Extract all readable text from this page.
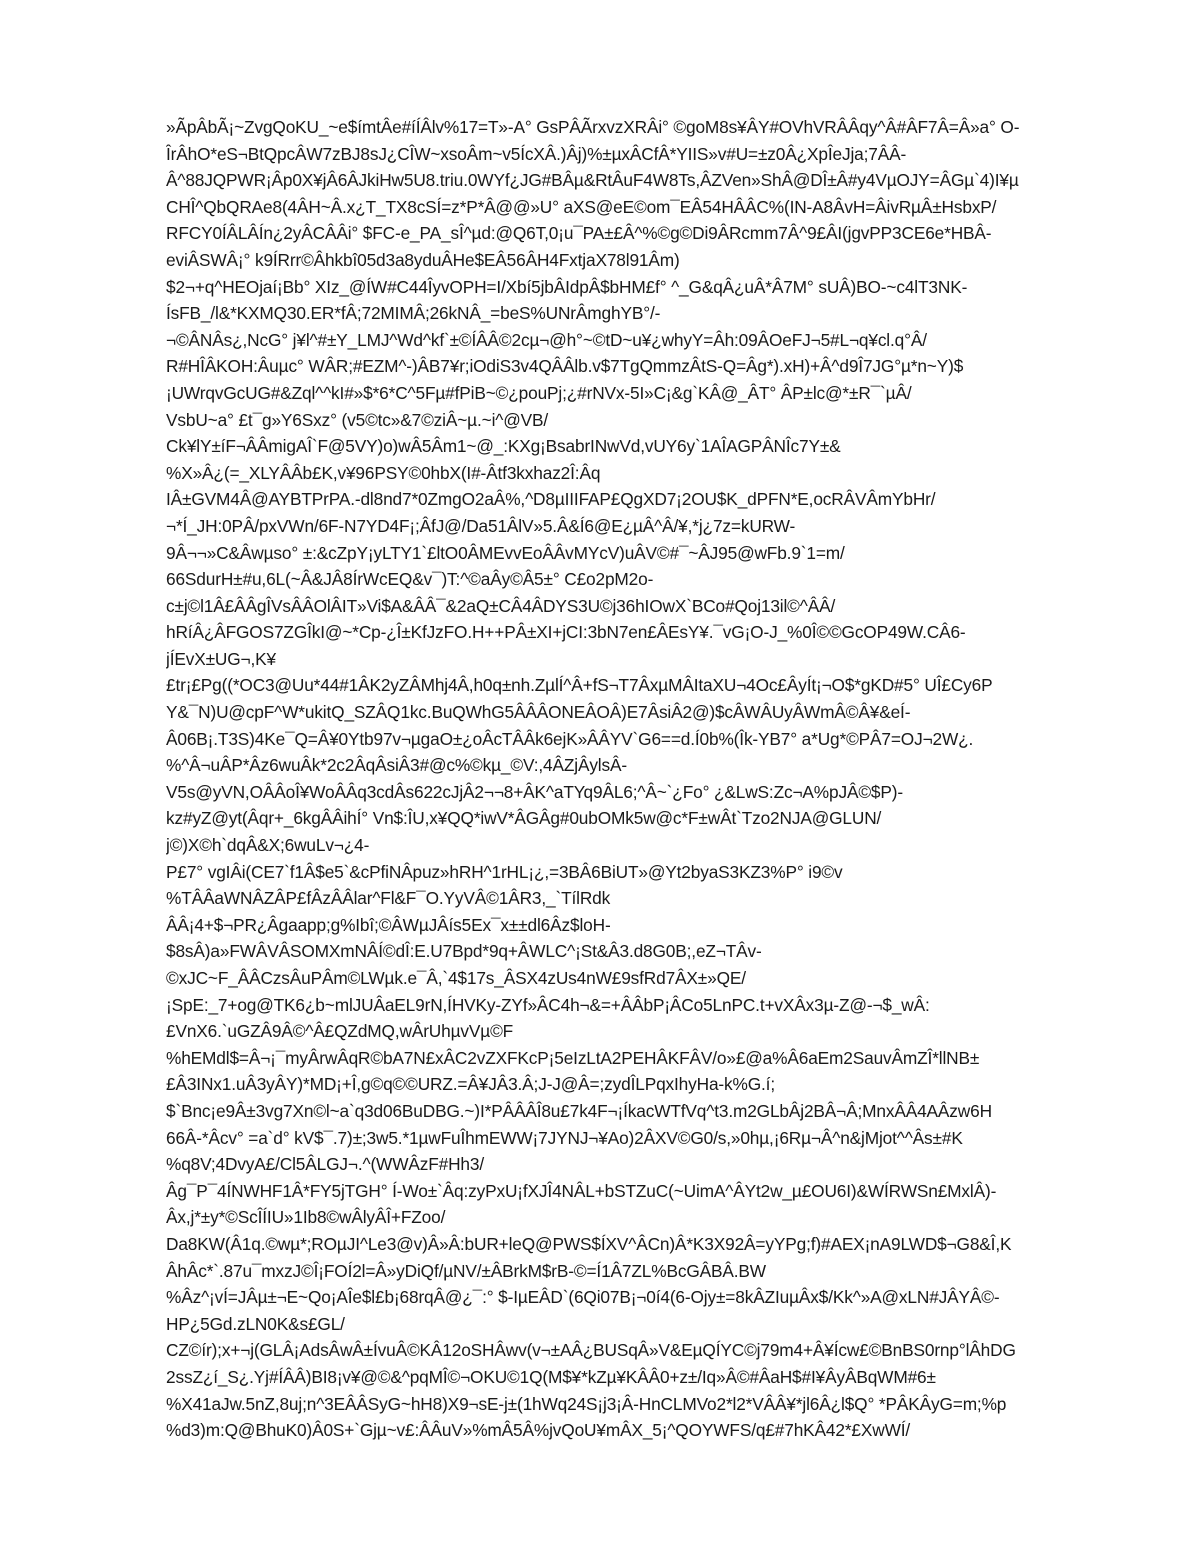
»ÃpÂbÃ¡~ZvgQoKU_~e$ímtÂe#íÍÂlv%17=T»-A° GsPÂÃrxvzXRÂi° ©goM8s¥ÂY#OVhVRÂÂqy^Â#ÂF7Â=Â»a° O-
ÎrÂhO*eS¬BtQpcÂW7zBJ8sJ¿CÎW~xsoÂm~v5ÍcXÂ.)Âj)%±µxÂCfÂ*YIIS»v#U=±z0Â¿XpÎeJja;7ÂÂ-
Â^88JQPWR¡Âp0X¥jÂ6ÂJkiHw5U8.triu.0WYf¿JG#BÂµ&RtÂuF4W8Ts,ÂZVen»ShÂ@DÎ±Â#y4VµOJY=ÂGµ`4)I¥µ
CHÎ^QbQRAe8(4ÂH~Â.x¿T_TX8cSÍ=z*P*Â@@»U° aXS@eE©om¯EÂ54HÂÂC%(IN-A8ÂvH=ÂivRµÂ±HsbxP/
RFCY0ÍÂLÂÍn¿2yÂCÂÂi° $FC-e_PA_sÎ^µd:@Q6T,0¡u¯PA±£Â^%©g©Di9ÂRcmm7Â^9£ÂI(jgvPP3CE6e*HBÂ-
eviÂSWÂ¡° k9ÍRrr©Âhkbî05d3a8yduÂHe$EÂ56ÂH4FxtjaX78l91Âm)
$2¬+q^HEOjaí¡Bb° XIz_@ÍW#C44ÎyvOPH=I/Xbí5jbÂIdpÂ$bHM£f° ^_G&qÂ¿uÂ*Â7M° sUÂ)BO-~c4lT3NK-
ÍsFB_/l&*KXMQ30.ER*fÂ;72MIMÂ;26kNÂ_=beS%UNrÂmghYB°/-
¬©ÂNÂs¿,NcG° j¥l^#±Y_LMJ^Wd^kf`±©ÍÂÂ©2cµ¬@h°~©tD~u¥¿whyY=Âh:09ÂOeFJ¬5#L¬q¥cl.q°Â/
R#HÎÂKOH:Âuµc° WÂR;#EZM^-)ÂB7¥r;iOdiS3v4QÂÂlb.v$7TgQmmzÂtS-Q=Âg*).xH)+Â^d9Î7JG°µ*n~Y)$
¡UWrqvGcUG#&Zql^^kI#»$*6*C^5Fµ#fPiB~©¿pouPj;¿#rNVx-5I»C¡&g`KÂ@_ÂT° ÂP±lc@*±R¯`µÂ/
VsbU~a° £t¯g»Y6Sxz° (v5©tc»&7©ziÂ~µ.~i^@VB/
Ck¥lY±íF¬ÂÂmigAÎ`F@5VY)o)wÂ5Âm1~@_:KXg¡BsabrINwVd,vUY6y`1AÎAGPÂNÎc7Y±&
%X»Â¿(=_XLYÂÂb£K,v¥96PSY©0hbX(I#-Âtf3kxhaz2Î:Âq
IÂ±GVM4Â@AYBTPrPA.-dl8nd7*0ZmgO2aÂ%,^D8µIIIFAP£QgXD7¡2OU$K_dPFN*E,ocRÂVÂmYbHr/
¬*Í_JH:0PÂ/pxVWn/6F-N7YD4F¡;ÂfJ@/Da51ÂlV»5.Â&Í6@E¿µÂ^Â/¥,*j¿7z=kURW-
9Â¬¬»C&Âwµso° ±:&cZpY¡yLTY1`£ltO0ÂMEvvEoÂÂvMYcV)uÂV©#¯~ÂJ95@wFb.9`1=m/
66SdurH±#u,6L(~Â&JÂ8ÍrWcEQ&v¯)T:^©aÂy©Â5±° C£o2pM2o-
c±j©l1Â£ÂÂgÎVsÂÂOlÂIT»Vi$A&ÂÂ¯&2aQ±CÂ4ÂDYS3U©j36hIOwX`BCo#Qoj13il©^ÂÂ/
hRíÂ¿ÂFGOS7ZGÎkI@~*Cp-¿Î±KfJzFO.H++PÂ±XI+jCI:3bN7en£ÂEsY¥.¯vG¡O-J_%0Î©©GcOP49W.CÂ6-
jÍEvX±UG¬,K¥
£tr¡£Pg((*OC3@Uu*44#1ÂK2yZÂMhj4Â,h0q±nh.ZµlÍ^Â+fS¬T7ÂxµMÂItaXU¬4Oc£ÂyÍt¡¬O$*gKD#5° UÎ£Cy6P
Y&¯N)U@cpF^W*ukitQ_SZÂQ1kc.BuQWhG5ÂÂÂONEÂOÂ)E7ÂsiÂ2@)$cÂWÂUyÂWmÂ©Â¥&eÍ-
Â06B¡.T3S)4Ke¯Q=Â¥0Ytb97v¬µgaO±¿oÂcTÂÂk6ejK»ÂÂYV`G6==d.Í0b%(Îk-YB7° a*Ug*©PÂ7=OJ¬2W¿.
%^Â¬uÂP*Âz6wuÂk*2c2ÂqÂsiÂ3#@c%©kµ_©V:,4ÂZjÂylsÂ-
V5s@yVN,OÂÂoÎ¥WoÂÂq3cdÂs622cJjÂ2¬¬8+ÂK^aTYq9ÂL6;^Â~`¿Fo° ¿&LwS:Zc¬A%pJÂ©$P)-
kz#yZ@yt(Âqr+_6kgÂÂihÍ° Vn$:ÎU,x¥QQ*iwV*ÂGÂg#0ubOMk5w@c*F±wÂt`Tzo2NJA@GLUN/
j©)X©h`dqÂ&X;6wuLv¬¿4-
P£7° vgIÂi(CE7`f1Â$e5`&cPfiNÂpuz»hRH^1rHL¡¿,=3BÂ6BiUT»@Yt2byaS3KZ3%P° i9©v
%TÂÂaWNÂZÂP£fÂzÂÂlar^Fl&F¯O.YyVÂ©1ÂR3,_`TílRdk
ÂÂ¡4+$¬PR¿Âgaapp;g%Ibî;©ÂWµJÂís5Ex¯x±±dl6Âz$loH-
$8sÂ)a»FWÂVÂSOMXmNÂÍ©dÎ:E.U7Bpd*9q+ÂWLC^¡St&Â3.d8G0B;,eZ¬TÂv-
©xJC~F_ÂÂCzsÂuPÂm©LWµk.e¯Â,`4$17s_ÂSX4zUs4nW£9sfRd7ÂX±»QE/
¡SpE:_7+og@TK6¿b~mlJUÂaEL9rN,ÍHVKy-ZYf»ÂC4h¬&=+ÂÂbP¡ÂCo5LnPC.t+vXÂx3µ-Z@-¬$_wÂ:
£VnX6.`uGZÂ9Â©^Â£QZdMQ,wÂrUhµvVµ©F
%hEMdl$=Â¬¡¯myÂrwÂqR©bA7N£xÂC2vZXFKcP¡5eIzLtA2PEHÂKFÂV/o»£@a%Â6aEm2SauvÂmZÎ*llNB±
£Â3INx1.uÂ3yÂY)*MD¡+Î,g©q©©URZ.=Â¥JÂ3.Â;J-J@Â=;zydÎLPqxIhyHa-k%G.í;
$`Bnc¡e9Â±3vg7Xn©l~a`q3d06BuDBG.~)I*PÂÂÂÎ8u£7k4F¬¡ÍkacWTfVq^t3.m2GLbÂj2BÂ¬Â;MnxÂÂ4AÂzw6H
66Â-*Âcv° =a`d° kV$¯.7)±;3w5.*1µwFuÎhmEWW¡7JYNJ¬¥Ao)2ÂXV©G0/s,»0hµ,¡6Rµ¬Â^n&jMjot^^Âs±#K
%q8V;4DvyA£/Cl5ÂLGJ¬.^(WWÂzF#Hh3/
Âg¯P¯4ÍNWHF1Â*FY5jTGH° Í-Wo±`Âq:zyPxU¡fXJÎ4NÂL+bSTZuC(~UimA^ÂYt2w_µ£OU6I)&WÍRWSn£MxlÂ)-
Âx,j*±y*©ScÎÍIU»1Ib8©wÂlyÂÎ+FZoo/
Da8KW(Â1q.©wµ*;ROµJI^Le3@v)Â»Â:bUR+leQ@PWS$ÍXV^ÂCn)Â*K3X92Â=yYPg;f)#AEX¡nA9LWD$¬G8&Î,K
ÂhÂc*`.87u¯mxzJ©Î¡FOÍ2l=Â»yDiQf/µNV/±ÂBrkM$rB-©=Í1Â7ZL%BcGÂBÂ.BW
%Âz^¡vÍ=JÂµ±¬E~Qo¡AÎe$l£b¡68rqÂ@¿¯:° $-IµEÂD`(6Qi07B¡¬0í4(6-Ojy±=8kÂZIuµÂx$/Kk^»A@xLN#JÂYÂ©-
HP¿5Gd.zLN0K&s£GL/
CZ©ír);x+¬j(GLÂ¡AdsÂwÂ±ÍvuÂ©KÂ12oSHÂwv(v¬±AÂ¿BUSqÂ»V&EµQÍYC©j79m4+Â¥Ícw£©BnBS0rnp°lÂhDG
2ssZ¿í_S¿.Yj#ÍÂÂ)BI8¡v¥@©&^pqMÎ©¬OKU©1Q(M$¥*kZµ¥KÂÂ0+z±/Iq»Â©#ÂaH$#I¥ÂyÂBqWM#6±
%X41aJw.5nZ,8uj;n^3EÂÂSyG~hH8)X9¬sE-j±(1hWq24S¡j3¡Â-HnCLMVo2*l2*VÂÂ¥*jl6Â¿l$Q° *PÂKÂyG=m;%p
%d3)m:Q@BhuK0)Â0S+`Gjµ~v£:ÂÂuV»%mÂ5Â%jvQoU¥mÂX_5¡^QOYWFS/q£#7hKÂ42*£XwWÍ/
